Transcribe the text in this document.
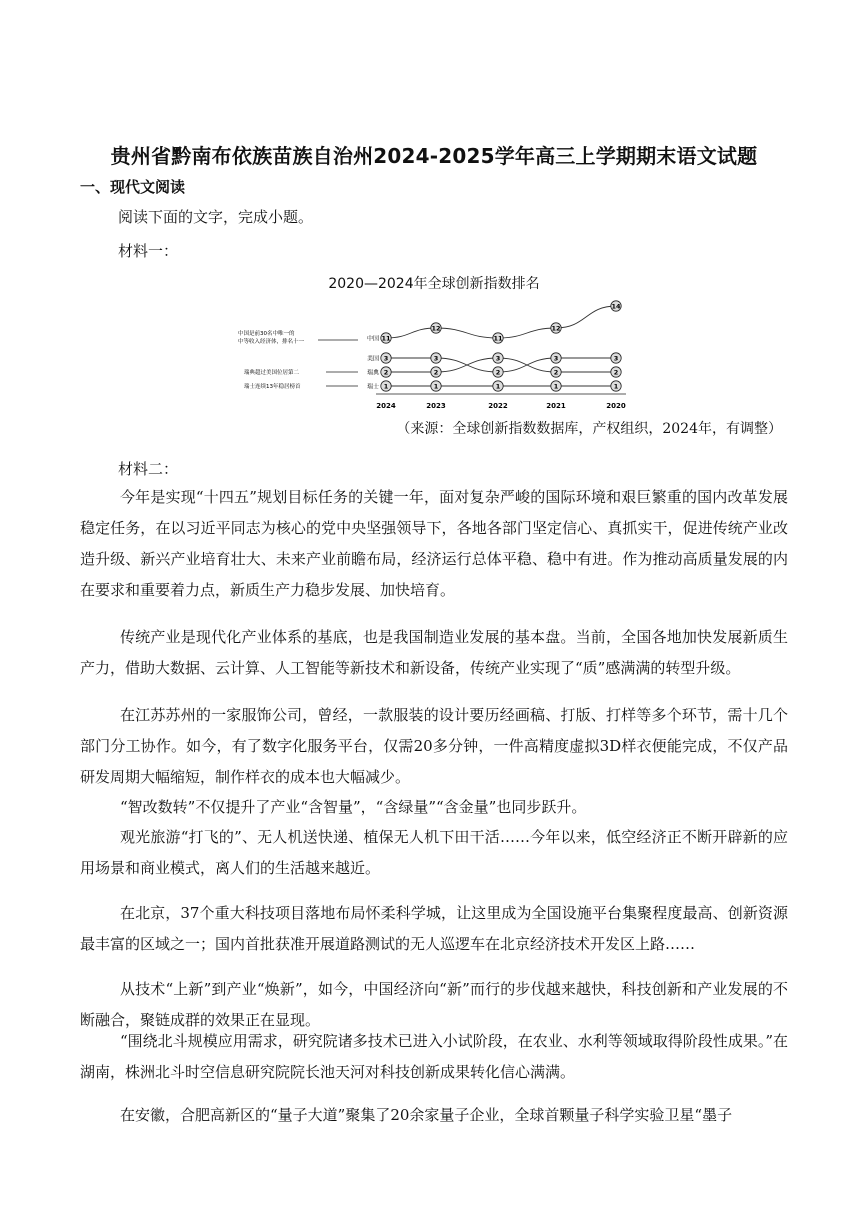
贵州省黔南布依族苗族自治州2024-2025学年高三上学期期末语文试题
一、现代文阅读
阅读下面的文字，完成小题。
材料一：
2020—2024年全球创新指数排名
2024	2023	2022	2021	2020
11
12
11
12
14
3	3
2
3	3
2	2
3
2	2
1	1	1	1	1
中国
美国
瑞典
瑞士
中国是前30名中唯一的
中等收入经济体，排名十一
瑞典超过美国位居第二
瑞士连续13年稳居榜首
（来源：全球创新指数数据库，产权组织，2024年，有调整）
材料二：

今年是实现“十四五”规划目标任务的关键一年，面对复杂严峻的国际环境和艰巨繁重的国内改革发展稳定任务，在以习近平同志为核心的党中央坚强领导下，各地各部门坚定信心、真抓实干，促进传统产业改造升级、新兴产业培育壮大、未来产业前瞻布局，经济运行总体平稳、稳中有进。作为推动高质量发展的内在要求和重要着力点，新质生产力稳步发展、加快培育。

传统产业是现代化产业体系的基底，也是我国制造业发展的基本盘。当前，全国各地加快发展新质生产力，借助大数据、云计算、人工智能等新技术和新设备，传统产业实现了“质”感满满的转型升级。

在江苏苏州的一家服饰公司，曾经，一款服装的设计要历经画稿、打版、打样等多个环节，需十几个部门分工协作。如今，有了数字化服务平台，仅需20多分钟，一件高精度虚拟3D样衣便能完成，不仅产品研发周期大幅缩短，制作样衣的成本也大幅减少。

“智改数转”不仅提升了产业“含智量”，“含绿量”“含金量”也同步跃升。

观光旅游“打飞的”、无人机送快递、植保无人机下田干活……今年以来，低空经济正不断开辟新的应用场景和商业模式，离人们的生活越来越近。

在北京，37个重大科技项目落地布局怀柔科学城，让这里成为全国设施平台集聚程度最高、创新资源最丰富的区域之一；国内首批获准开展道路测试的无人巡逻车在北京经济技术开发区上路……

从技术“上新”到产业“焕新”，如今，中国经济向“新”而行的步伐越来越快，科技创新和产业发展的不断融合，聚链成群的效果正在显现。

“围绕北斗规模应用需求，研究院诸多技术已进入小试阶段，在农业、水利等领域取得阶段性成果。”在湖南，株洲北斗时空信息研究院院长池天河对科技创新成果转化信心满满。

在安徽，合肥高新区的“量子大道”聚集了20余家量子企业，全球首颗量子科学实验卫星“墨子
